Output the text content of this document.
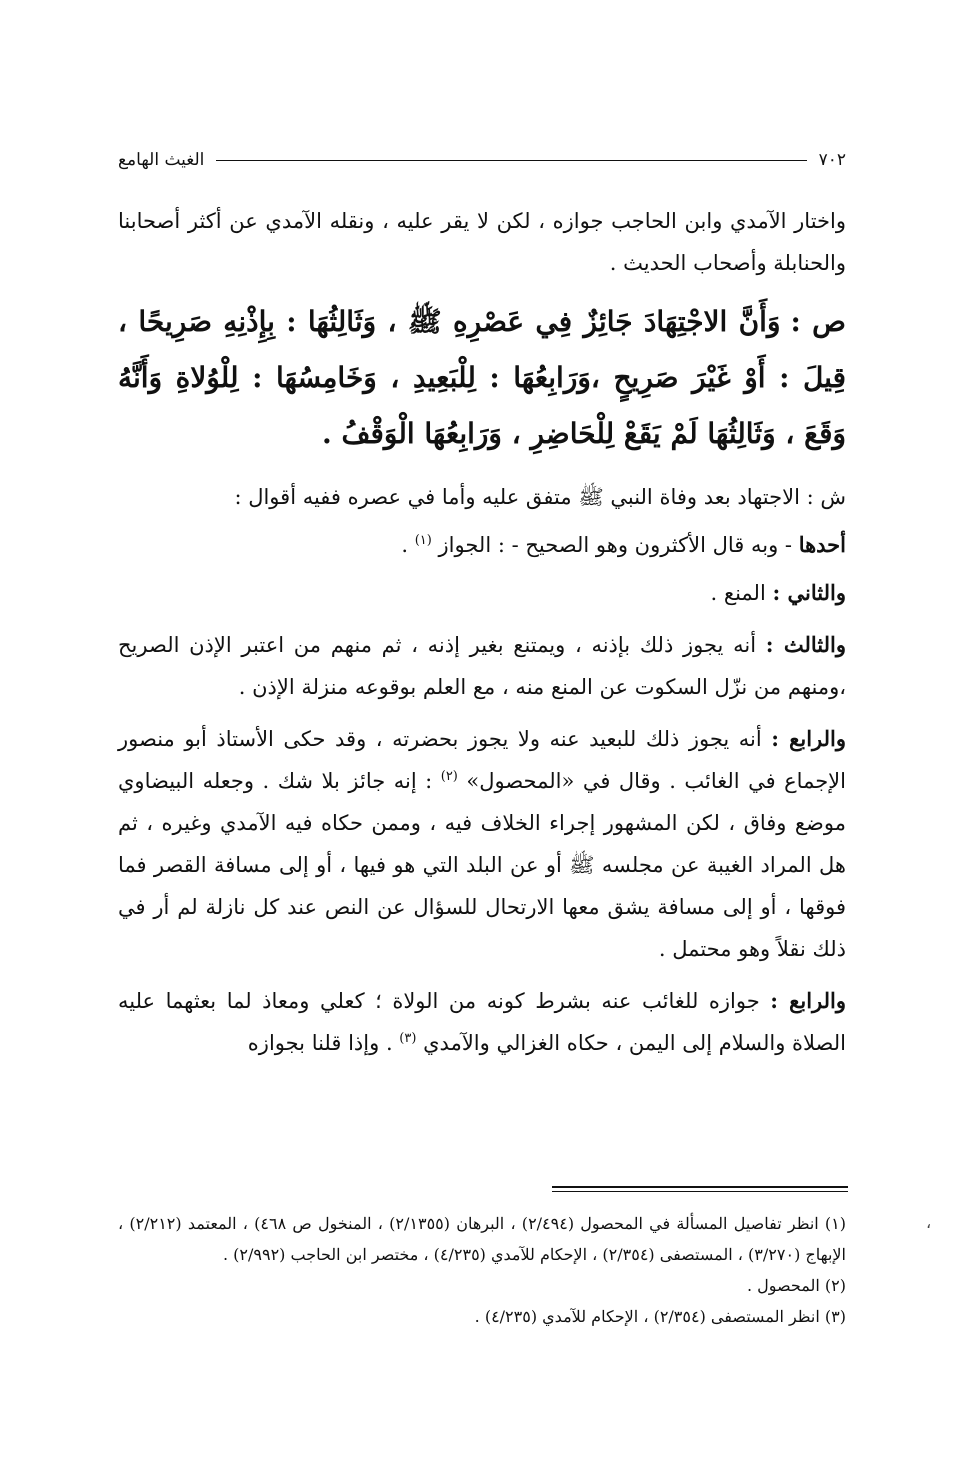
٧٠٢
الغيث الهامع

واختار الآمدي وابن الحاجب جوازه ، لكن لا يقر عليه ، ونقله الآمدي عن أكثر أصحابنا والحنابلة وأصحاب الحديث .

ص :وَأَنَّ الاجْتِهَادَ جَائِزٌ فِي عَصْرِهِ ﷺ ، وَثَالِثُهَا : بِإِذْنِهِ صَرِيحًا ، قِيلَ : أَوْ غَيْرَ صَرِيحٍ ،وَرَابِعُهَا : لِلْبَعِيدِ ، وَخَامِسُهَا : لِلْوُلاةِ وَأَنَّهُ وَقَعَ ، وَثَالِثُهَا لَمْ يَقَعْ لِلْحَاضِرِ ، وَرَابِعُهَا الْوَقْفُ .

ش : الاجتهاد بعد وفاة النبي ﷺ متفق عليه وأما في عصره ففيه أقوال :

أحدها - وبه قال الأكثرون وهو الصحيح - : الجواز $^{(١)}$ .

والثاني : المنع .

والثالث : أنه يجوز ذلك بإذنه ، ويمتنع بغير إذنه ، ثم منهم من اعتبر الإذن الصريح ،ومنهم من نزّل السكوت عن المنع منه ، مع العلم بوقوعه منزلة الإذن .

والرابع : أنه يجوز ذلك للبعيد عنه ولا يجوز بحضرته ، وقد حكى الأستاذ أبو منصور الإجماع في الغائب . وقال في «المحصول» $^{(٢)}$ : إنه جائز بلا شك . وجعله البيضاوي موضع وفاق ، لكن المشهور إجراء الخلاف فيه ، وممن حكاه فيه الآمدي وغيره ، ثم هل المراد الغيبة عن مجلسه ﷺ أو عن البلد التي هو فيها ، أو إلى مسافة القصر فما فوقها ، أو إلى مسافة يشق معها الارتحال للسؤال عن النص عند كل نازلة لم أر في ذلك نقلاً وهو محتمل .

والرابع : جوازه للغائب عنه بشرط كونه من الولاة ؛ كعلي ومعاذ لما بعثهما عليه الصلاة والسلام إلى اليمن ، حكاه الغزالي والآمدي $^{(٣)}$ . وإذا قلنا بجوازه

(١) انظر تفاصيل المسألة في المحصول (٢/٤٩٤) ، البرهان (٢/١٣٥٥) ، المنخول ص ٤٦٨) ، المعتمد (٢/٢١٢) ، الإبهاج (٣/٢٧٠) ، المستصفى (٢/٣٥٤) ، الإحكام للآمدي (٤/٢٣٥) ، مختصر ابن الحاجب (٢/٩٩٢) .

(٢) المحصول .

(٣) انظر المستصفى (٢/٣٥٤) ، الإحكام للآمدي (٤/٢٣٥) .

،
